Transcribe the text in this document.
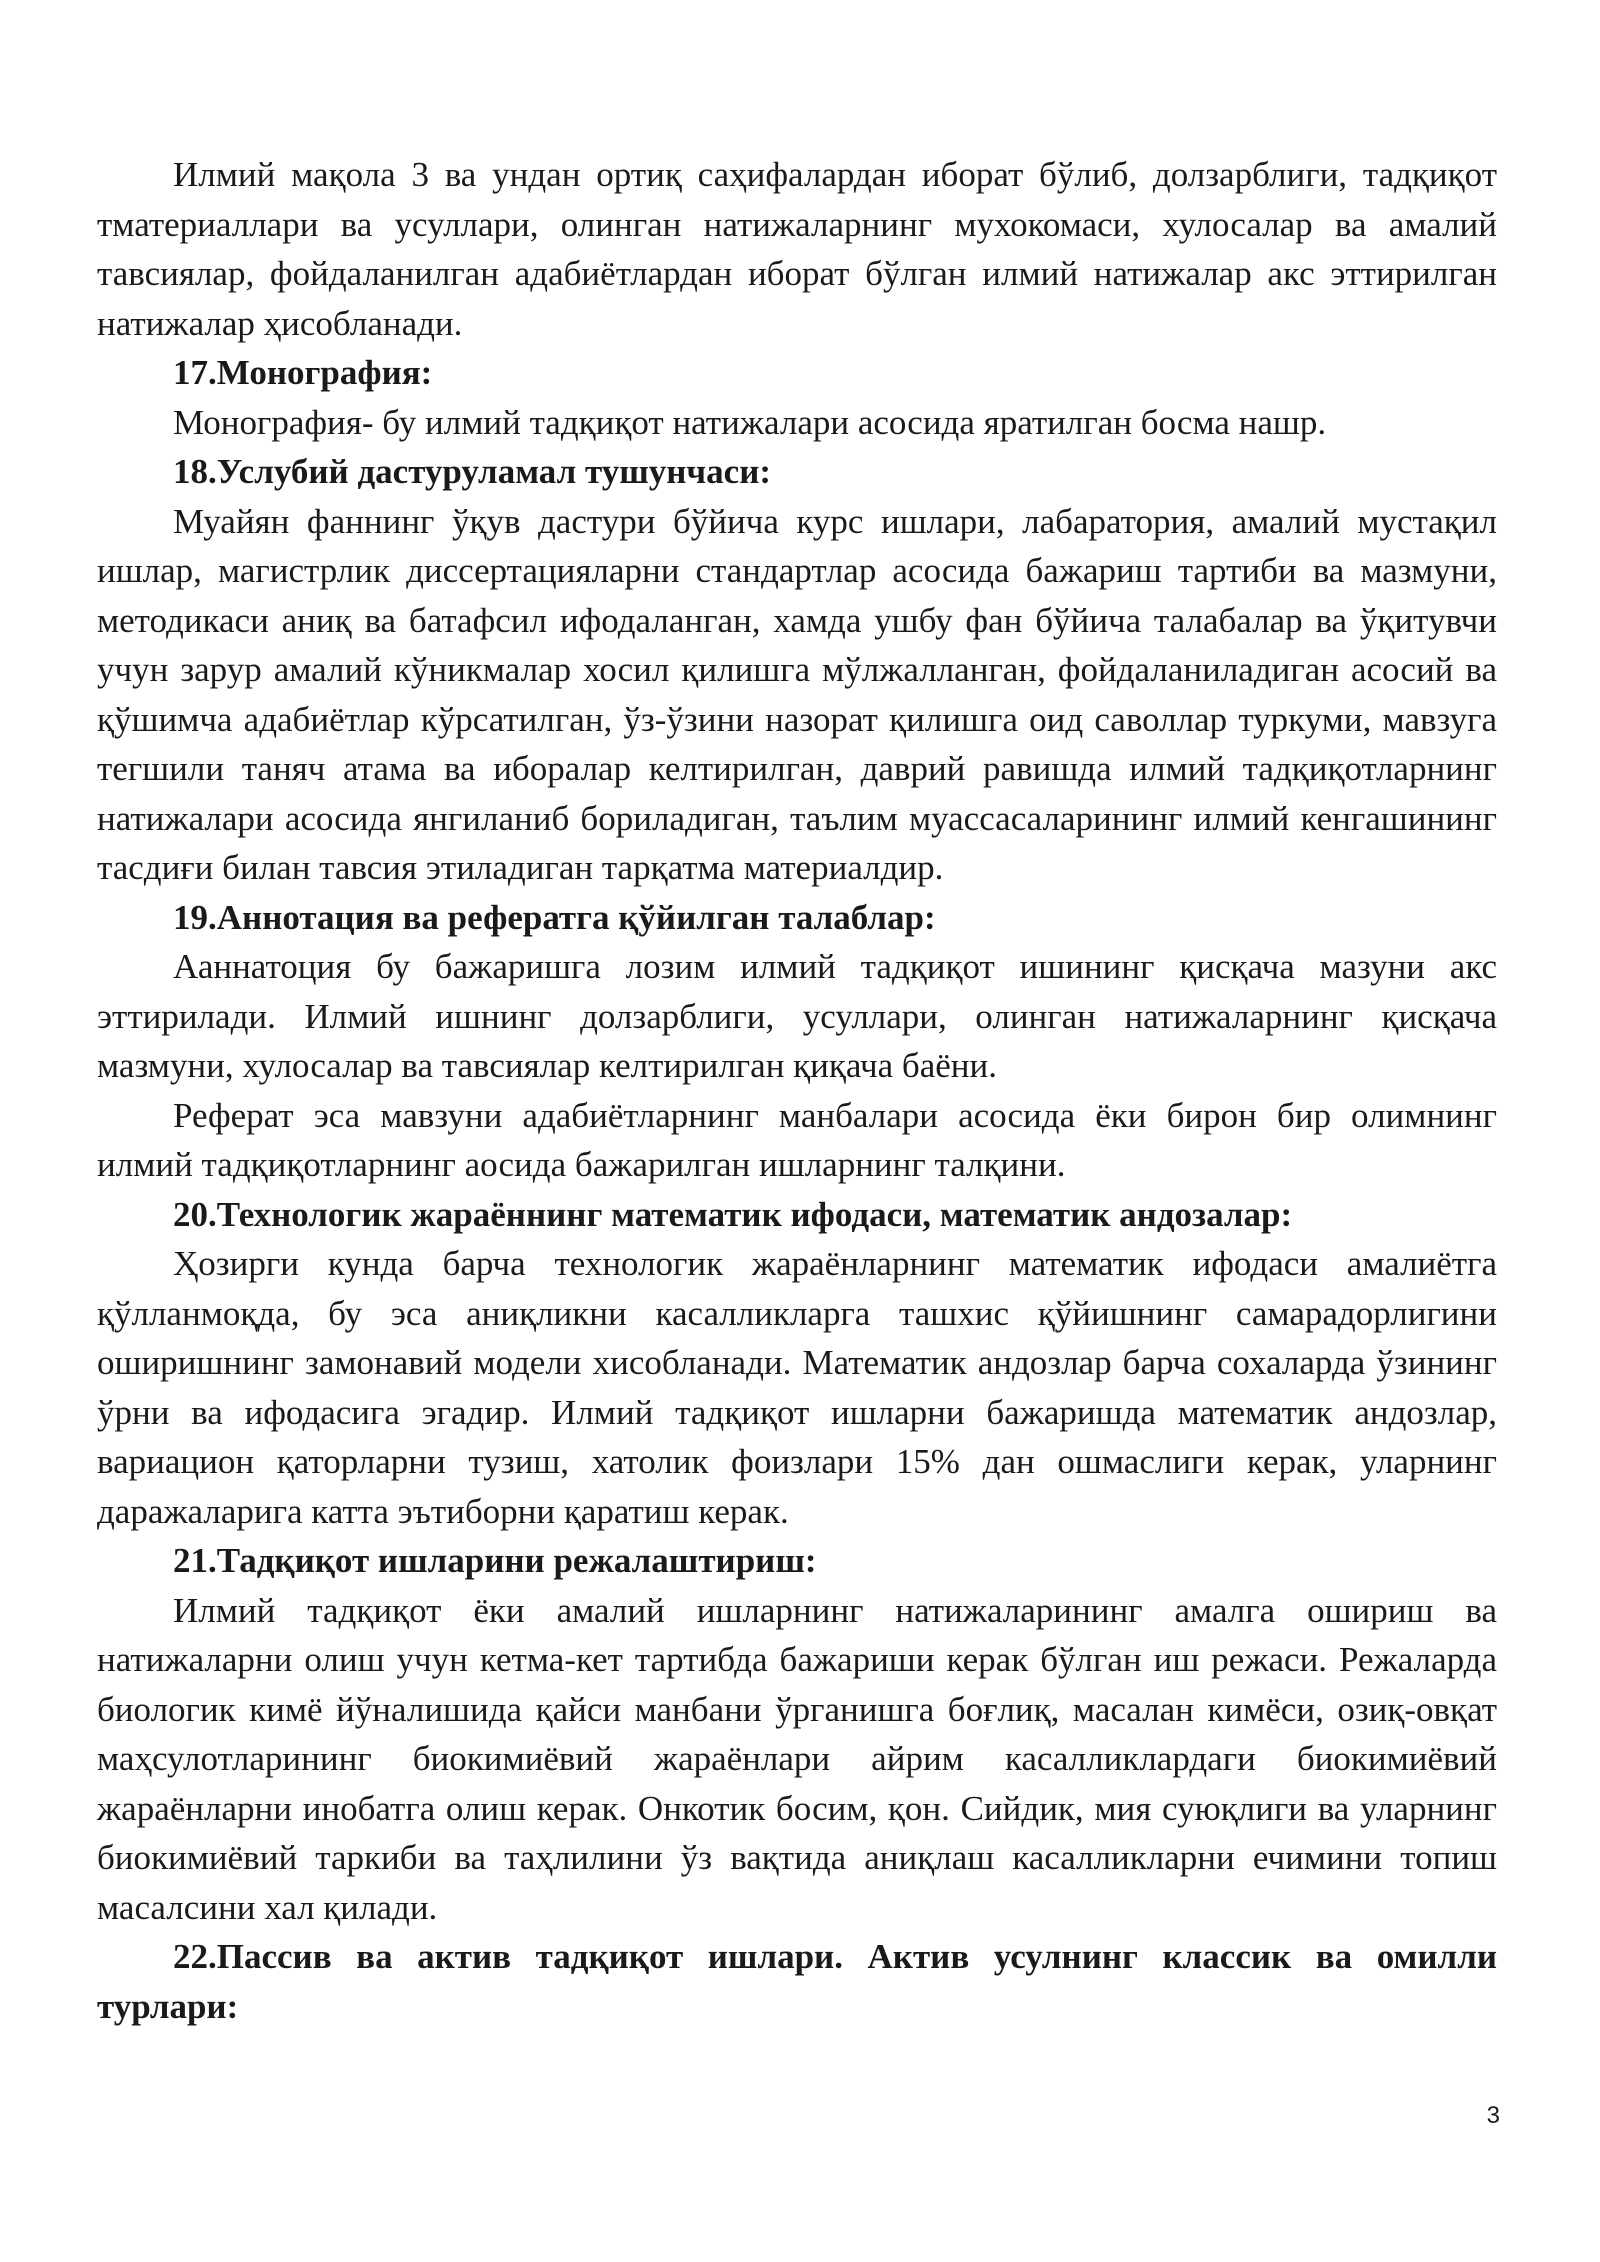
Илмий мақола 3 ва ундан ортиқ саҳифалардан иборат бўлиб, долзарблиги, тадқиқот тматериаллари ва усуллари, олинган натижаларнинг мухокомаси, хулосалар ва амалий тавсиялар, фойдаланилган адабиётлардан иборат бўлган илмий натижалар акс эттирилган натижалар ҳисобланади.

17.Монография:

Монография- бу илмий тадқиқот натижалари асосида яратилган босма нашр.

18.Услубий дастуруламал тушунчаси:

Муайян фаннинг ўқув дастури бўйича курс ишлари, лабаратория, амалий мустақил ишлар, магистрлик диссертацияларни стандартлар асосида бажариш тартиби ва мазмуни, методикаси аниқ ва батафсил ифодаланган, хамда ушбу фан бўйича талабалар ва ўқитувчи учун зарур амалий кўникмалар хосил қилишга мўлжалланган, фойдаланиладиган асосий ва қўшимча адабиётлар кўрсатилган, ўз-ўзини назорат қилишга оид саволлар туркуми, мавзуга тегшили таняч атама ва иборалар келтирилган, даврий равишда илмий тадқиқотларнинг натижалари асосида янгиланиб бориладиган, таълим муассасаларининг илмий кенгашининг тасдиғи билан тавсия этиладиган тарқатма материалдир.

19.Аннотация ва рефератга қўйилган талаблар:

Ааннатоция бу бажаришга лозим илмий тадқиқот ишининг қисқача мазуни акс эттирилади. Илмий ишнинг долзарблиги, усуллари, олинган натижаларнинг қисқача мазмуни, хулосалар ва тавсиялар келтирилган қиқача баёни.

Реферат эса мавзуни адабиётларнинг манбалари асосида ёки бирон бир олимнинг илмий тадқиқотларнинг аосида бажарилган ишларнинг талқини.

20.Технологик жараённинг математик ифодаси, математик андозалар:

Ҳозирги кунда барча технологик жараёнларнинг математик ифодаси амалиётга қўлланмоқда, бу эса аниқликни касалликларга ташхис қўйишнинг самарадорлигини оширишнинг замонавий модели хисобланади. Математик андозлар барча сохаларда ўзининг ўрни ва ифодасига эгадир. Илмий тадқиқот ишларни бажаришда математик андозлар, вариацион қаторларни тузиш, хатолик фоизлари 15% дан ошмаслиги керак, уларнинг даражаларига катта эътиборни қаратиш керак.

21.Тадқиқот ишларини режалаштириш:

Илмий тадқиқот ёки амалий ишларнинг натижаларининг амалга ошириш ва натижаларни олиш учун кетма-кет тартибда бажариши керак бўлган иш режаси. Режаларда биологик кимё йўналишида қайси манбани ўрганишга боғлиқ, масалан кимёси, озиқ-овқат маҳсулотларининг биокимиёвий жараёнлари айрим касалликлардаги биокимиёвий жараёнларни инобатга олиш керак. Онкотик босим, қон. Сийдик, мия суюқлиги ва уларнинг биокимиёвий таркиби ва таҳлилини ўз вақтида аниқлаш касалликларни ечимини топиш масалсини хал қилади.

22.Пассив ва актив тадқиқот ишлари. Актив усулнинг классик ва омилли турлари:

3
